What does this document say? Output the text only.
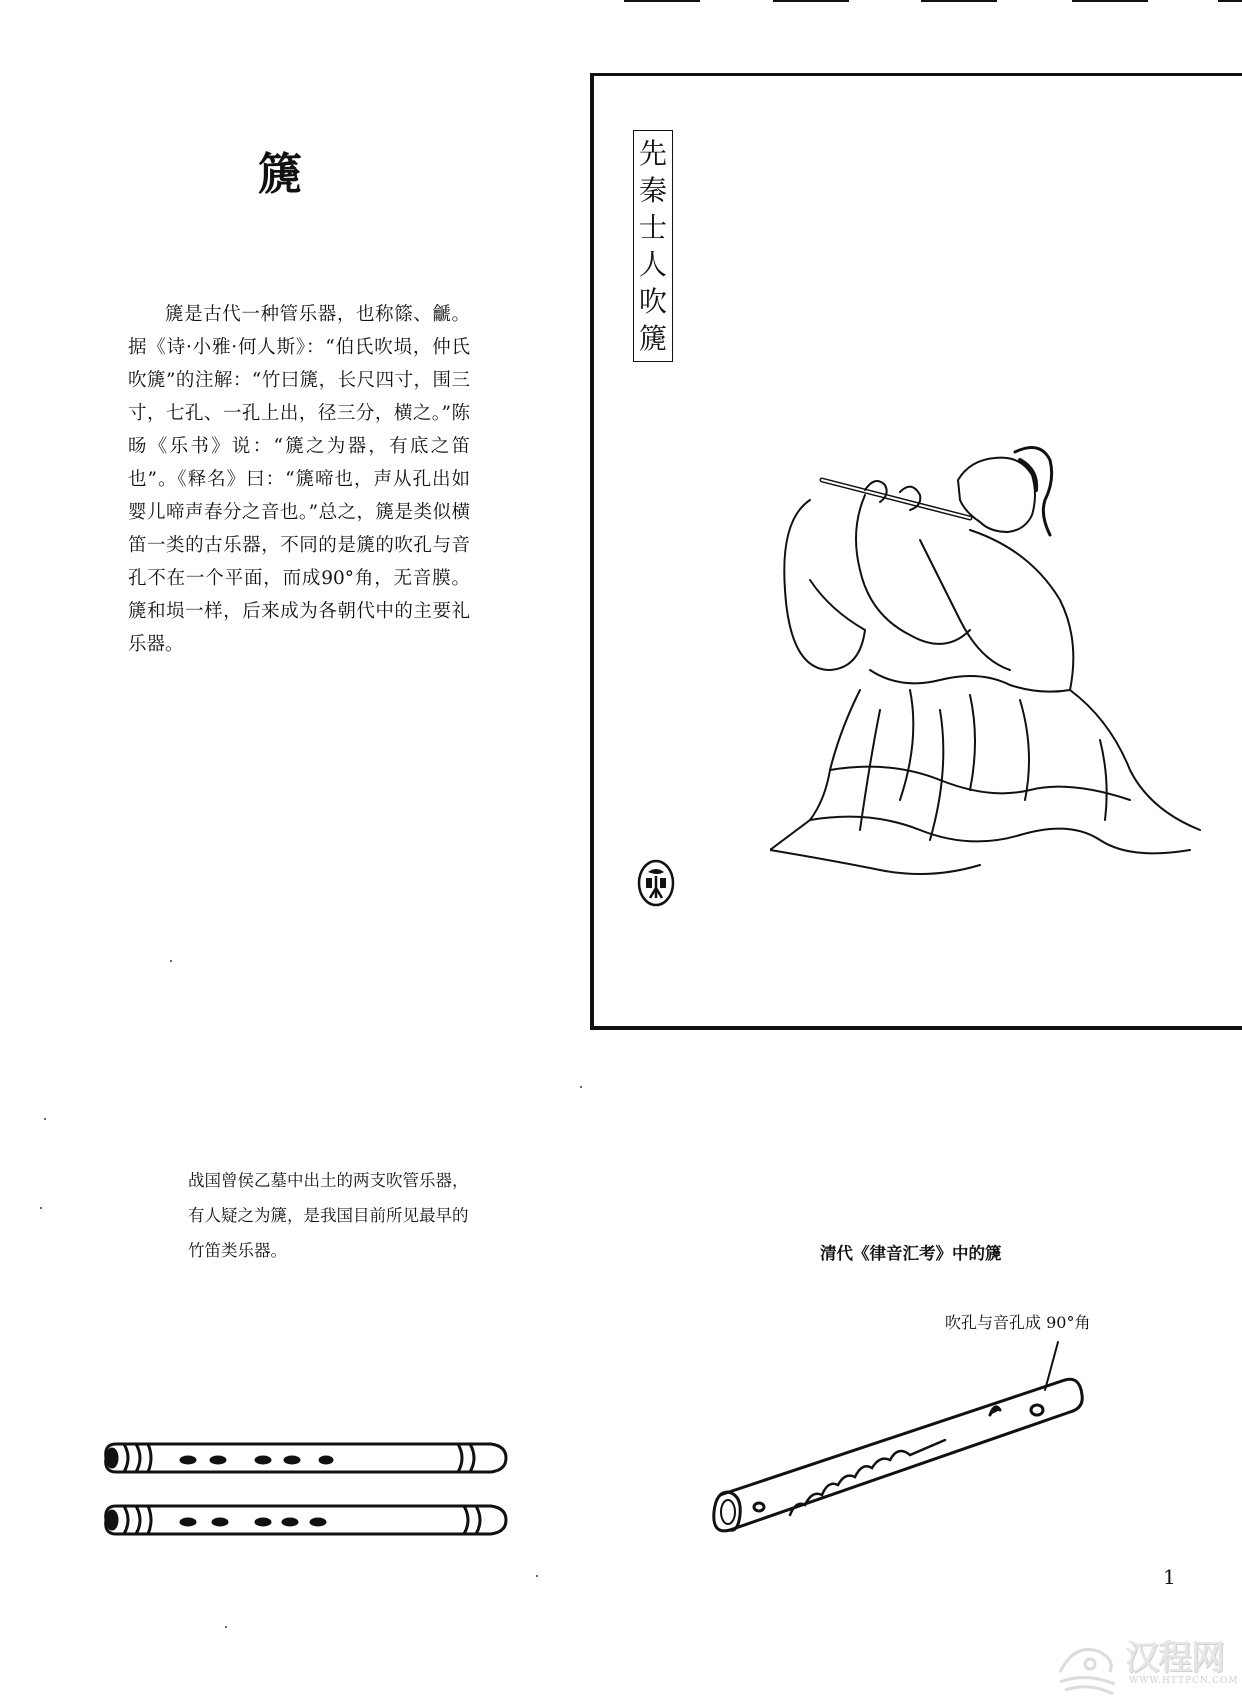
篪

篪是古代一种管乐器，也称篨、䶵。据《诗·小雅·何人斯》：“伯氏吹埙，仲氏吹篪”的注解：“竹曰篪，长尺四寸，围三寸，七孔、一孔上出，径三分，横之。”陈旸《乐书》说：“篪之为器，有底之笛也”。《释名》曰：“篪啼也，声从孔出如婴儿啼声春分之音也。”总之，篪是类似横笛一类的古乐器，不同的是篪的吹孔与音孔不在一个平面，而成90°角，无音膜。篪和埙一样，后来成为各朝代中的主要礼乐器。

先
秦
士
人
吹
篪
战国曾侯乙墓中出土的两支吹管乐器，
有人疑之为篪，是我国目前所见最早的
竹笛类乐器。	清代《律音汇考》中的篪
吹孔与音孔成 90°角
1
汉程网
WWW.HTTPCN.COM
